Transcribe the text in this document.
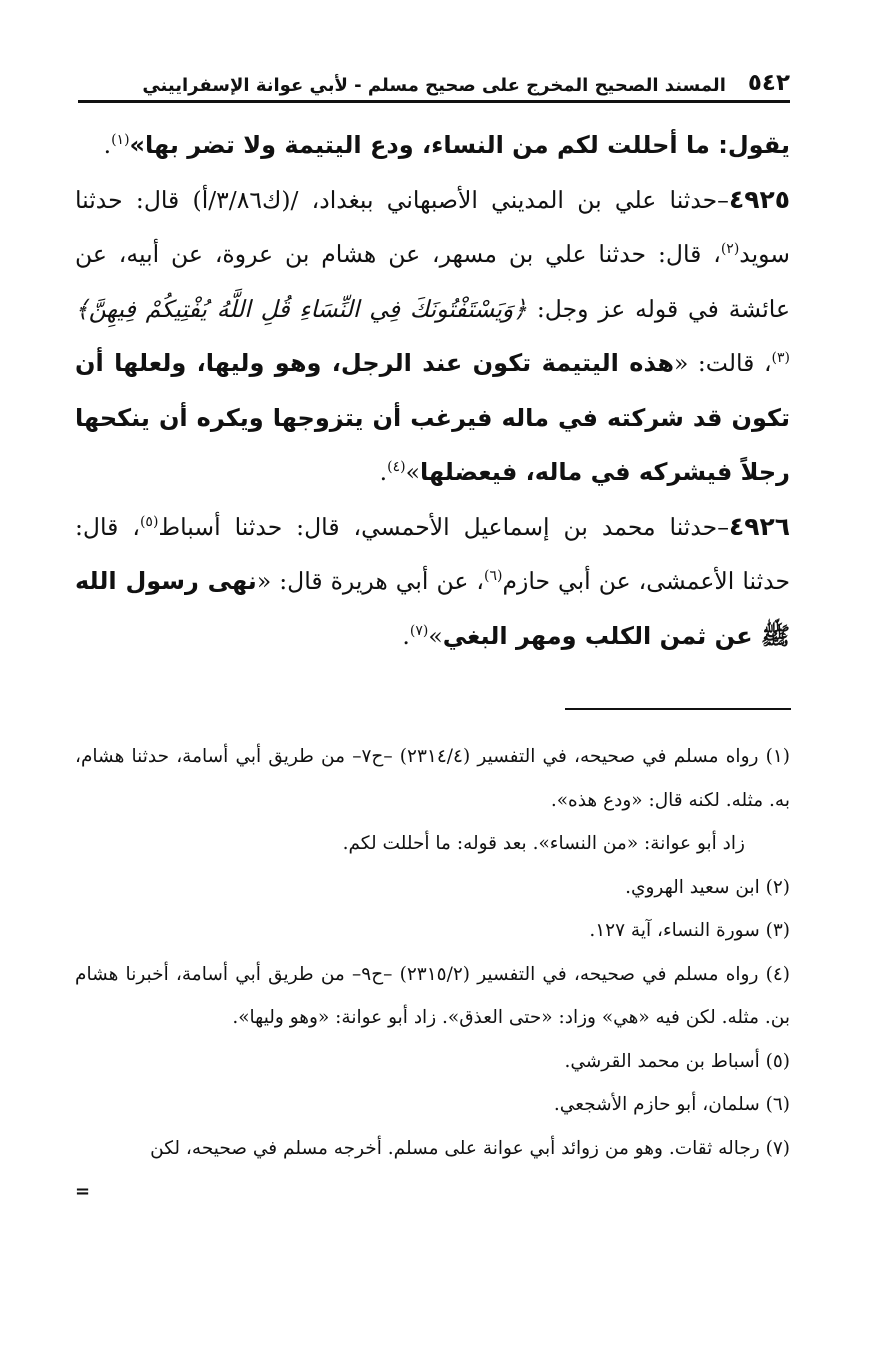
٥٤٢
المسند الصحيح المخرج على صحيح مسلم - لأبي عوانة الإسفراييني

يقول: ما أحللت لكم من النساء، ودع اليتيمة ولا تضر بها»$^{(١)}$.

٤٩٢٥–حدثنا علي بن المديني الأصبهاني ببغداد، /(ك٣/٨٦/أ) قال: حدثنا سويد$^{(٢)}$، قال: حدثنا علي بن مسهر، عن هشام بن عروة، عن أبيه، عن عائشة في قوله عز وجل: ﴿وَيَسْتَفْتُونَكَ فِي النِّسَاءِ قُلِ اللَّهُ يُفْتِيكُمْ فِيهِنَّ﴾$^{(٣)}$، قالت: «هذه اليتيمة تكون عند الرجل، وهو وليها، ولعلها أن تكون قد شركته في ماله فيرغب أن يتزوجها ويكره أن ينكحها رجلاً فيشركه في ماله، فيعضلها»$^{(٤)}$.

٤٩٢٦–حدثنا محمد بن إسماعيل الأحمسي، قال: حدثنا أسباط$^{(٥)}$، قال: حدثنا الأعمشى، عن أبي حازم$^{(٦)}$، عن أبي هريرة قال: «نهى رسول الله ﷺ عن ثمن الكلب ومهر البغي»$^{(٧)}$.

(١) رواه مسلم في صحيحه، في التفسير (٢٣١٤/٤) –ح٧– من طريق أبي أسامة، حدثنا هشام، به. مثله. لكنه قال: «ودع هذه».

زاد أبو عوانة: «من النساء». بعد قوله: ما أحللت لكم.

(٢) ابن سعيد الهروي.

(٣) سورة النساء، آية ١٢٧.

(٤) رواه مسلم في صحيحه، في التفسير (٢٣١٥/٢) –ح٩– من طريق أبي أسامة، أخبرنا هشام بن. مثله. لكن فيه «هي» وزاد: «حتى العذق». زاد أبو عوانة: «وهو وليها».

(٥) أسباط بن محمد القرشي.

(٦) سلمان، أبو حازم الأشجعي.

(٧) رجاله ثقات. وهو من زوائد أبي عوانة على مسلم. أخرجه مسلم في صحيحه، لكن

=
